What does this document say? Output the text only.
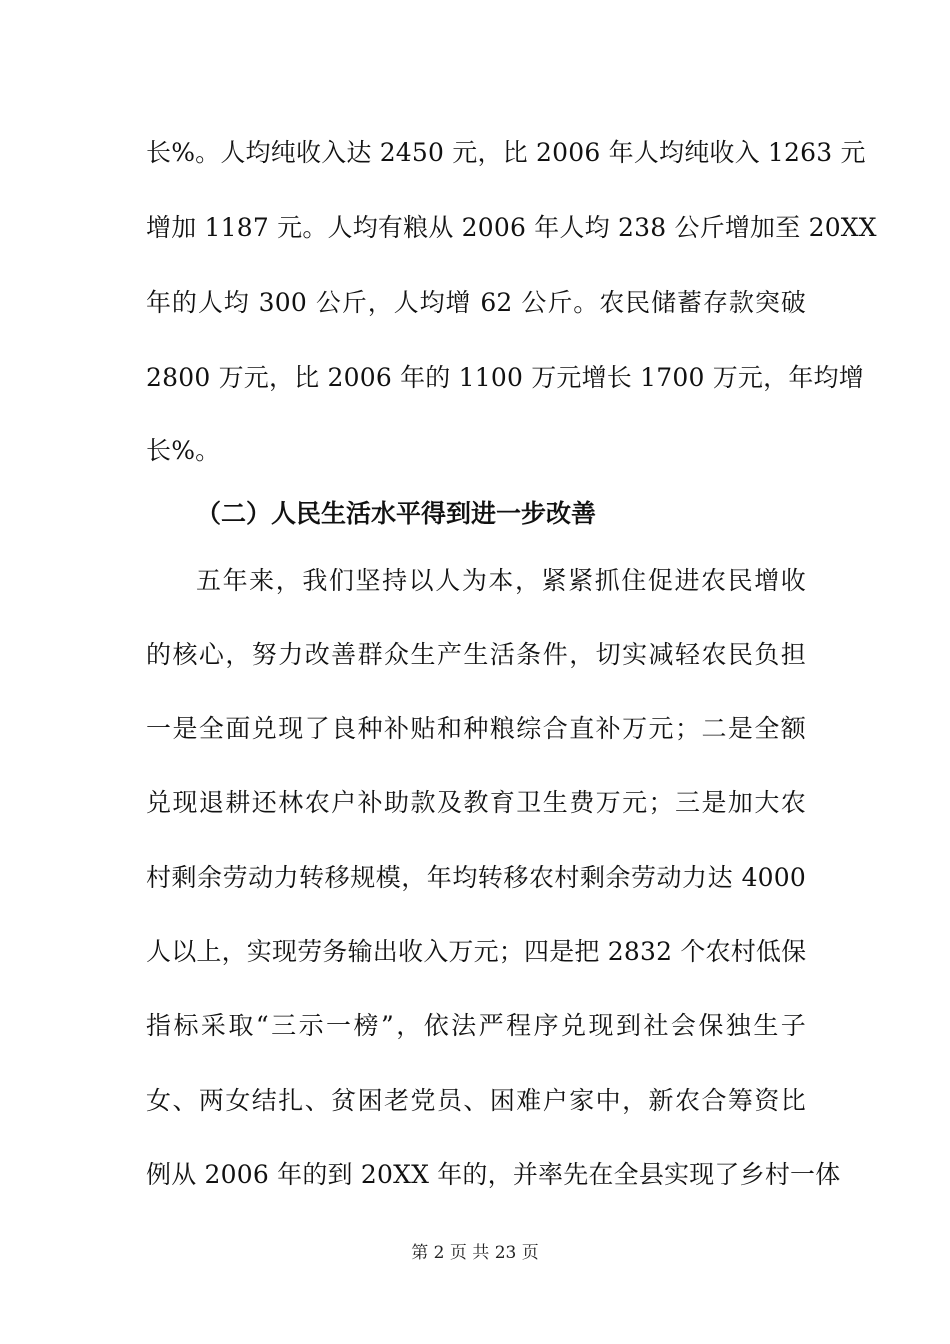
长%。人均纯收入达 2450 元，比 2006 年人均纯收入 1263 元
增加 1187 元。人均有粮从 2006 年人均 238 公斤增加至 20XX
年的人均 300 公斤，人均增 62 公斤。农民储蓄存款突破
2800 万元，比 2006 年的 1100 万元增长 1700 万元，年均增
长%。
（二）人民生活水平得到进一步改善
五年来，我们坚持以人为本，紧紧抓住促进农民增收
的核心，努力改善群众生产生活条件，切实减轻农民负担
一是全面兑现了良种补贴和种粮综合直补万元；二是全额
兑现退耕还林农户补助款及教育卫生费万元；三是加大农
村剩余劳动力转移规模，年均转移农村剩余劳动力达 4000
人以上，实现劳务输出收入万元；四是把 2832 个农村低保
指标采取“三示一榜”，依法严程序兑现到社会保独生子
女、两女结扎、贫困老党员、困难户家中，新农合筹资比
例从 2006 年的到 20XX 年的，并率先在全县实现了乡村一体
第 2 页 共 23 页
